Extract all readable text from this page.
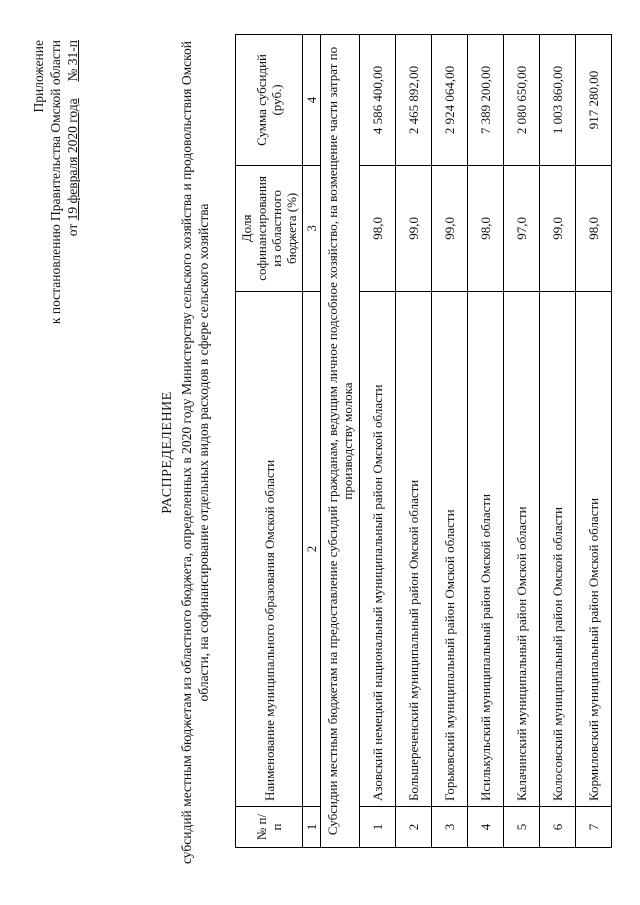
Приложение к постановлению Правительства Омской области от 19 февраля 2020 года     № 31-п
РАСПРЕДЕЛЕНИЕ субсидий местным бюджетам из областного бюджета, определенных в 2020 году Министерству сельского хозяйства и продовольствия Омской области, на софинансирование отдельных видов расходов в сфере сельского хозяйства
№ п/п	Наименование муниципального образования Омской области	Доля софинансирования из областного бюджета (%)	Сумма субсидий (руб.)
1	2	3	4
Субсидии местным бюджетам на предоставление субсидий гражданам, ведущим личное подсобное хозяйство, на возмещение части затрат по производству молока			
1	Азовский немецкий национальный муниципальный район Омской области	98,0	4 586 400,00
2	Большереченский муниципальный район Омской области	99,0	2 465 892,00
3	Горьковский муниципальный район Омской области	99,0	2 924 064,00
4	Исилькульский муниципальный район Омской области	98,0	7 389 200,00
5	Калачинский муниципальный район Омской области	97,0	2 080 650,00
6	Колосовский муниципальный район Омской области	99,0	1 003 860,00
7	Кормиловский муниципальный район Омской области	98,0	917 280,00
